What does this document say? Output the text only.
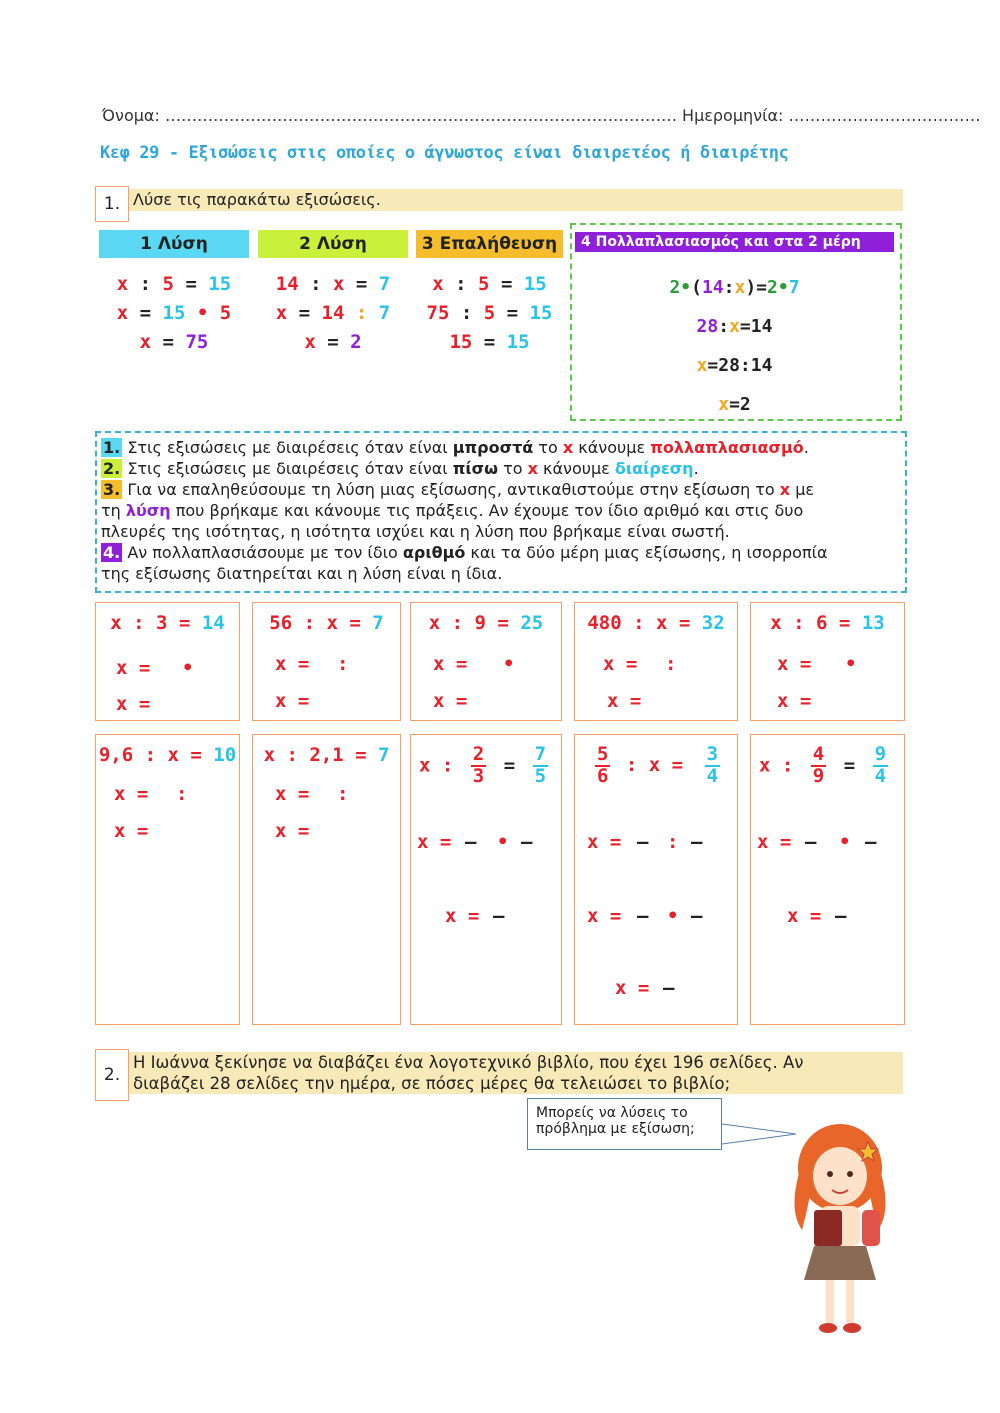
Όνομα: …………………………………………………………………………………… Ημερομηνία: ………………………………
Κεφ 29 - Εξισώσεις στις οποίες ο άγνωστος είναι διαιρετέος ή διαιρέτης
1. Λύσε τις παρακάτω εξισώσεις.
1 Λύση
x : 5 = 15
x = 15 • 5
x = 75
2 Λύση
14 : x = 7
x = 14 : 7
x = 2
3 Επαλήθευση
x : 5 = 15
75 : 5 = 15
15 = 15
4 Πολλαπλασιασμός και στα 2 μέρη
2•(14:x)=2•7
28:x=14
x=28:14
x=2
1. Στις εξισώσεις με διαιρέσεις όταν είναι μπροστά το x κάνουμε πολλαπλασιασμό.
2. Στις εξισώσεις με διαιρέσεις όταν είναι πίσω το x κάνουμε διαίρεση.
3. Για να επαληθεύσουμε τη λύση μιας εξίσωσης, αντικαθιστούμε στην εξίσωση το x με
τη λύση που βρήκαμε και κάνουμε τις πράξεις. Αν έχουμε τον ίδιο αριθμό και στις δυο
πλευρές της ισότητας, η ισότητα ισχύει και η λύση που βρήκαμε είναι σωστή.
4. Αν πολλαπλασιάσουμε με τον ίδιο αριθμό και τα δύο μέρη μιας εξίσωσης, η ισορροπία
της εξίσωσης διατηρείται και η λύση είναι η ίδια.
x : 3 = 14
x = •
x =
56 : x = 7
x = :
x =
x : 9 = 25
x = •
x =
480 : x = 32
x = :
x =
x : 6 = 13
x = •
x =
9,6 : x = 10
x = :
x =
x : 2,1 = 7
x = :
x =
x : $\frac{2}{3} = \frac{7}{5}$
x = — • —
x = —
$\frac{5}{6}$ : $x = \frac{3}{4}$
x = — : —
x = — • —
x = —
x : $\frac{4}{9} = \frac{9}{4}$
x = — • —
x = —
2.
Η Ιωάννα ξεκίνησε να διαβάζει ένα λογοτεχνικό βιβλίο, που έχει 196 σελίδες. Αν
διαβάζει 28 σελίδες την ημέρα, σε πόσες μέρες θα τελειώσει το βιβλίο;
Μπορείς να λύσεις το
πρόβλημα με εξίσωση;
